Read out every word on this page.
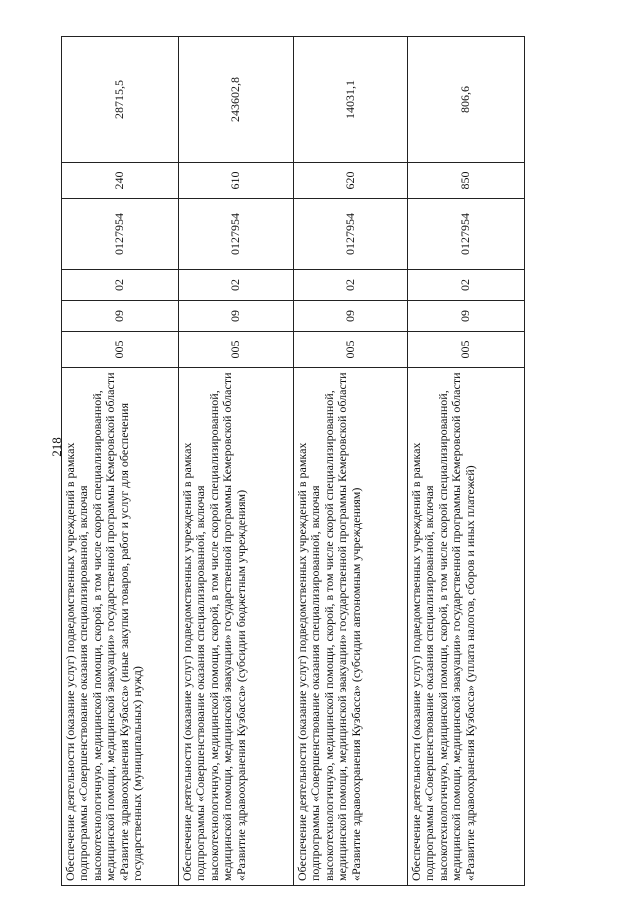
218 Обеспечение деятельности (оказание услуг) подведомственных учреждений в рамках подпрограммы «Совершенствование оказания специализированной, включая высокотехнологичную, медицинской помощи, скорой, в том числе скорой специализированной, медицинской помощи, медицинской эвакуации» государственной программы Кемеровской области «Развитие здравоохранения Кузбасса» (иные закупки товаров, работ и услуг для обеспечения государственных (муниципальных) нужд)	005	09	02	0127954	240	28715,5
Обеспечение деятельности (оказание услуг) подведомственных учреждений в рамках подпрограммы «Совершенствование оказания специализированной, включая высокотехнологичную, медицинской помощи, скорой, в том числе скорой специализированной, медицинской помощи, медицинской эвакуации» государственной программы Кемеровской области «Развитие здравоохранения Кузбасса» (субсидии бюджетным учреждениям)	005	09	02	0127954	610	243602,8
Обеспечение деятельности (оказание услуг) подведомственных учреждений в рамках подпрограммы «Совершенствование оказания специализированной, включая высокотехнологичную, медицинской помощи, скорой, в том числе скорой специализированной, медицинской помощи, медицинской эвакуации» государственной программы Кемеровской области «Развитие здравоохранения Кузбасса» (субсидии автономным учреждениям)	005	09	02	0127954	620	14031,1
Обеспечение деятельности (оказание услуг) подведомственных учреждений в рамках подпрограммы «Совершенствование оказания специализированной, включая высокотехнологичную, медицинской помощи, скорой, в том числе скорой специализированной, медицинской помощи, медицинской эвакуации» государственной программы Кемеровской области «Развитие здравоохранения Кузбасса» (уплата налогов, сборов и иных платежей)	005	09	02	0127954	850	806,6
